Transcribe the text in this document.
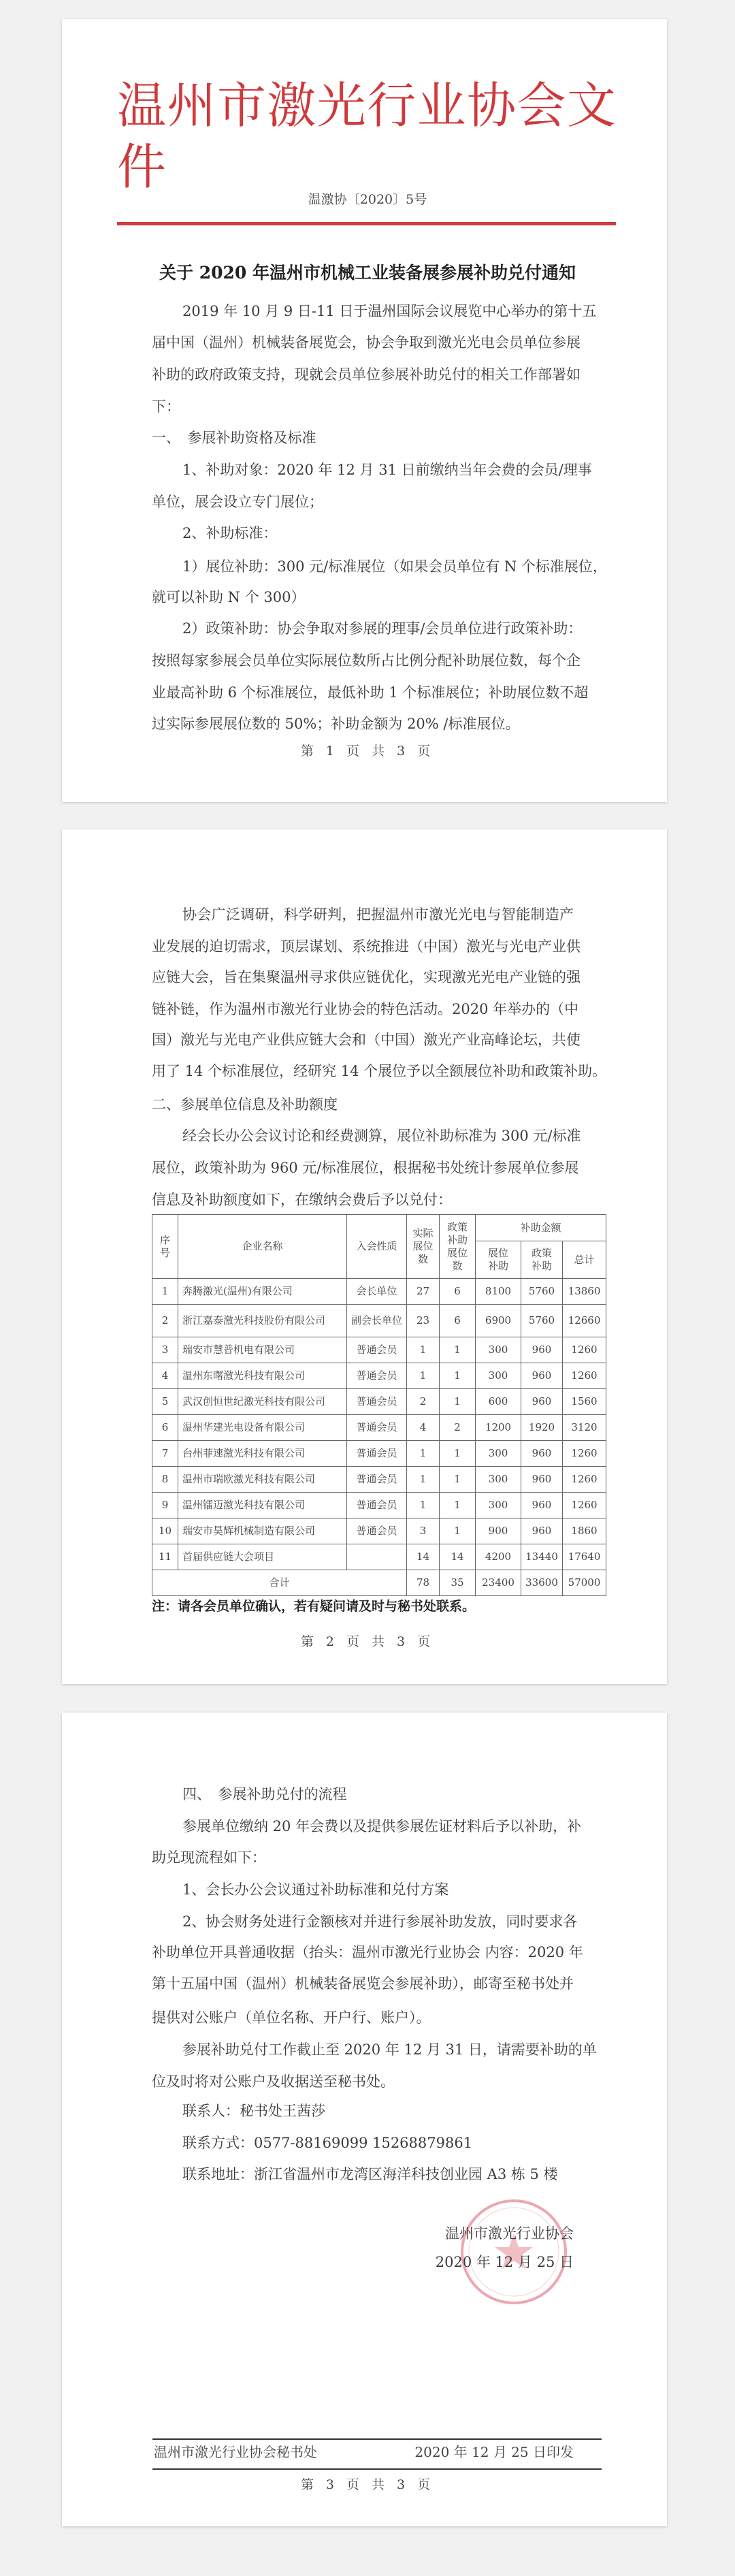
温州市激光行业协会文件
温激协〔2020〕5号
关于 2020 年温州市机械工业装备展参展补助兑付通知
2019 年 10 月 9 日-11 日于温州国际会议展览中心举办的第十五
届中国（温州）机械装备展览会，协会争取到激光光电会员单位参展
补助的政府政策支持，现就会员单位参展补助兑付的相关工作部署如
下：
一、　参展补助资格及标准
1、补助对象：2020 年 12 月 31 日前缴纳当年会费的会员/理事
单位，展会设立专门展位；
2、补助标准：
1）展位补助：300 元/标准展位（如果会员单位有 N 个标准展位，
就可以补助 N 个 300）
2）政策补助：协会争取对参展的理事/会员单位进行政策补助：
按照每家参展会员单位实际展位数所占比例分配补助展位数，每个企
业最高补助 6 个标准展位，最低补助 1 个标准展位；补助展位数不超
过实际参展展位数的 50%；补助金额为 20% /标准展位。
第 1 页 共 3 页
协会广泛调研，科学研判，把握温州市激光光电与智能制造产
业发展的迫切需求，顶层谋划、系统推进（中国）激光与光电产业供
应链大会，旨在集聚温州寻求供应链优化，实现激光光电产业链的强
链补链，作为温州市激光行业协会的特色活动。2020 年举办的（中
国）激光与光电产业供应链大会和（中国）激光产业高峰论坛，共使
用了 14 个标准展位，经研究 14 个展位予以全额展位补助和政策补助。
二、参展单位信息及补助额度
经会长办公会议讨论和经费测算，展位补助标准为 300 元/标准
展位，政策补助为 960 元/标准展位，根据秘书处统计参展单位参展
信息及补助额度如下，在缴纳会费后予以兑付：
序号	企业名称	入会性质	实际展位数	政策补助展位数	补助金额		
					展位补助	政策补助	总计
1	奔腾激光(温州)有限公司	会长单位	27	6	8100	5760	13860
2	浙江嘉泰激光科技股份有限公司	副会长单位	23	6	6900	5760	12660
3	瑞安市慧普机电有限公司	普通会员	1	1	300	960	1260
4	温州东曙激光科技有限公司	普通会员	1	1	300	960	1260
5	武汉创恒世纪激光科技有限公司	普通会员	2	1	600	960	1560
6	温州华建光电设备有限公司	普通会员	4	2	1200	1920	3120
7	台州菲速激光科技有限公司	普通会员	1	1	300	960	1260
8	温州市瑞欧激光科技有限公司	普通会员	1	1	300	960	1260
9	温州镭迈激光科技有限公司	普通会员	1	1	300	960	1260
10	瑞安市昊辉机械制造有限公司	普通会员	3	1	900	960	1860
11	首届供应链大会项目		14	14	4200	13440	17640
合计			78	35	23400	33600	57000
注：请各会员单位确认，若有疑问请及时与秘书处联系。
第 2 页 共 3 页
四、　参展补助兑付的流程
参展单位缴纳 20 年会费以及提供参展佐证材料后予以补助，补
助兑现流程如下：
1、会长办公会议通过补助标准和兑付方案
2、协会财务处进行金额核对并进行参展补助发放，同时要求各
补助单位开具普通收据（抬头：温州市激光行业协会 内容：2020 年
第十五届中国（温州）机械装备展览会参展补助），邮寄至秘书处并
提供对公账户（单位名称、开户行、账户）。
参展补助兑付工作截止至 2020 年 12 月 31 日，请需要补助的单
位及时将对公账户及收据送至秘书处。
联系人：秘书处王茜莎
联系方式：0577-88169099 15268879861
联系地址：浙江省温州市龙湾区海洋科技创业园 A3 栋 5 楼
温州市激光行业协会
2020 年 12 月 25 日
温州市激光行业协会秘书处	2020 年 12 月 25 日印发
第 3 页 共 3 页
